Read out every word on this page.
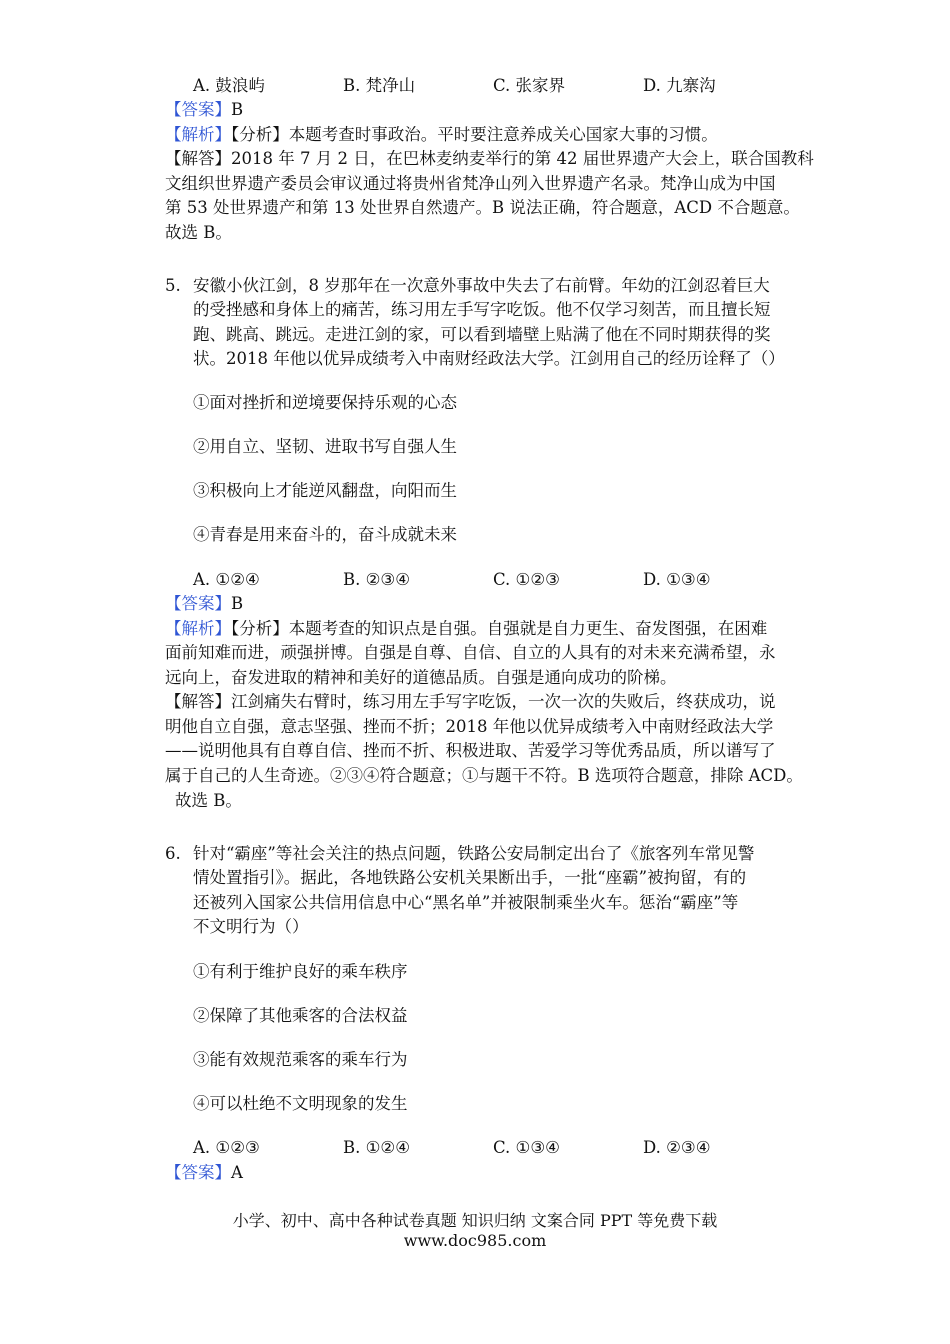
A. 鼓浪屿	B. 梵净山	C. 张家界	D. 九寨沟
【答案】B
【解析】【分析】本题考查时事政治。平时要注意养成关心国家大事的习惯。
【解答】2018 年 7 月 2 日，在巴林麦纳麦举行的第 42 届世界遗产大会上，联合国教科
文组织世界遗产委员会审议通过将贵州省梵净山列入世界遗产名录。梵净山成为中国
第 53 处世界遗产和第 13 处世界自然遗产。B 说法正确，符合题意，ACD 不合题意。
故选 B。
5. 安徽小伙江剑，8 岁那年在一次意外事故中失去了右前臂。年幼的江剑忍着巨大
的受挫感和身体上的痛苦，练习用左手写字吃饭。他不仅学习刻苦，而且擅长短
跑、跳高、跳远。走进江剑的家，可以看到墙壁上贴满了他在不同时期获得的奖
状。2018 年他以优异成绩考入中南财经政法大学。江剑用自己的经历诠释了（）
①面对挫折和逆境要保持乐观的心态
②用自立、坚韧、进取书写自强人生
③积极向上才能逆风翻盘，向阳而生
④青春是用来奋斗的，奋斗成就未来
A. ①②④	B. ②③④	C. ①②③	D. ①③④
【答案】B
【解析】【分析】本题考查的知识点是自强。自强就是自力更生、奋发图强，在困难
面前知难而进，顽强拼博。自强是自尊、自信、自立的人具有的对未来充满希望，永
远向上，奋发进取的精神和美好的道德品质。自强是通向成功的阶梯。
【解答】江剑痛失右臂时，练习用左手写字吃饭，一次一次的失败后，终获成功，说
明他自立自强，意志坚强、挫而不折；2018 年他以优异成绩考入中南财经政法大学
——说明他具有自尊自信、挫而不折、积极进取、苦爱学习等优秀品质，所以谱写了
属于自己的人生奇迹。②③④符合题意；①与题干不符。B 选项符合题意，排除 ACD。
故选 B。
6. 针对“霸座”等社会关注的热点问题，铁路公安局制定出台了《旅客列车常见警
情处置指引》。据此，各地铁路公安机关果断出手，一批“座霸”被拘留，有的
还被列入国家公共信用信息中心“黑名单”并被限制乘坐火车。惩治“霸座”等
不文明行为（）
①有利于维护良好的乘车秩序
②保障了其他乘客的合法权益
③能有效规范乘客的乘车行为
④可以杜绝不文明现象的发生
A. ①②③	B. ①②④	C. ①③④	D. ②③④
【答案】A
小学、初中、高中各种试卷真题 知识归纳 文案合同 PPT 等免费下载
www.doc985.com
